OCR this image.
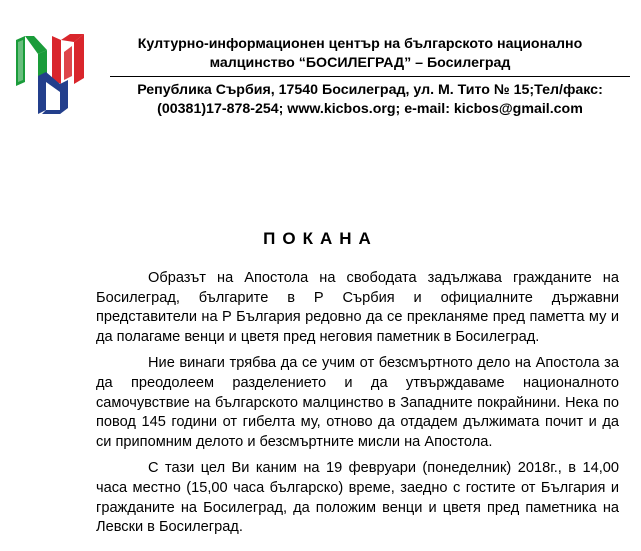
Културно-информационен център на българското национално

малцинство “БОСИЛЕГРАД” – Босилеград

Република Сърбия, 17540 Босилеград, ул. М. Тито № 15;Тел/факс:

(00381)17-878-254; www.kicbos.org; e-mail: kicbos@gmail.com

ПОКАНА

Образът на Апостола на свободата задължава гражданите на Босилеград, българите в Р Сърбия и официалните държавни представители на Р България редовно да се прекланяме пред паметта му и да полагаме венци и цветя пред неговия паметник в Босилеград.

Ние винаги трябва да се учим от безсмъртното дело на Апостола за да преодолеем разделението и да утвърждаваме националното самочувствие на българското малцинство в Западните покрайнини. Нека по повод 145 години от гибелта му, отново да отдадем дължимата почит и да си припомним делото и безсмъртните мисли на Апостола.

С тази цел Ви каним на 19 февруари (понеделник) 2018г., в 14,00 часа местно (15,00 часа българско) време, заедно с гостите от България и гражданите на Босилеград, да положим венци и цветя пред паметника на Левски в Босилеград.
